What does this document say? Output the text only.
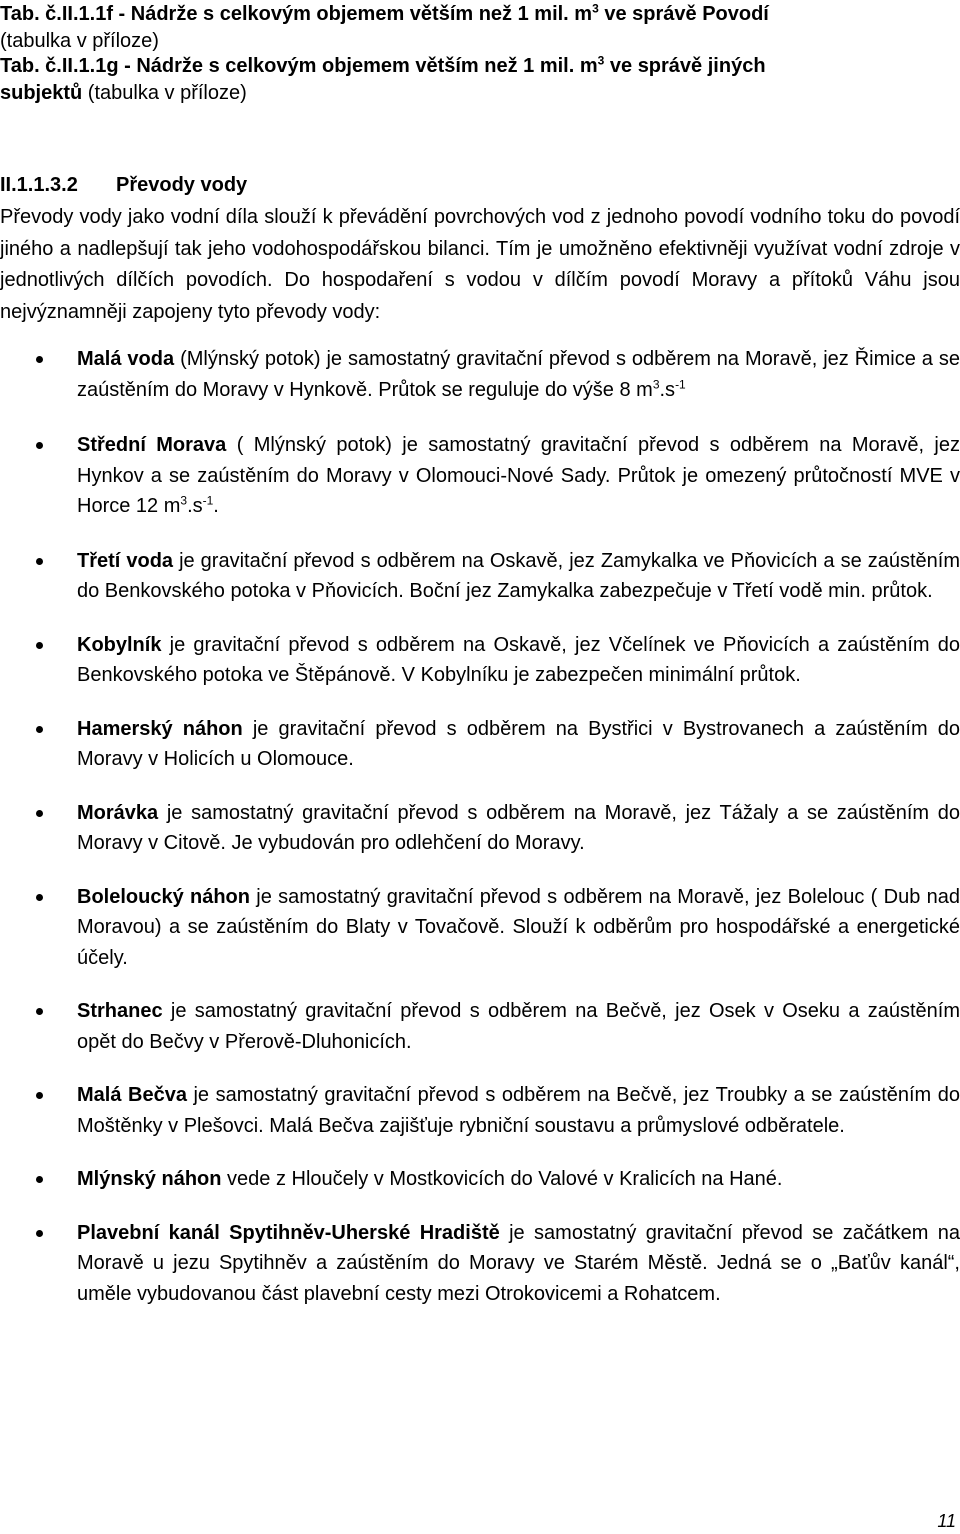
Tab. č.II.1.1f - Nádrže s celkovým objemem větším než 1 mil. $m^3$ ve správě Povodí
(tabulka v příloze)
Tab. č.II.1.1g - Nádrže s celkovým objemem větším než 1 mil. $m^3$ ve správě jiných
subjektů (tabulka v příloze)
II.1.1.3.2 Převody vody
Převody vody jako vodní díla slouží k převádění povrchových vod z jednoho povodí vodního toku do povodí jiného a nadlepšují tak jeho vodohospodářskou bilanci. Tím je umožněno efektivněji využívat vodní zdroje v jednotlivých dílčích povodích. Do hospodaření s vodou v dílčím povodí Moravy a přítoků Váhu jsou nejvýznamněji zapojeny tyto převody vody:
Malá voda (Mlýnský potok) je samostatný gravitační převod s odběrem na Moravě, jez Řimice a se zaústěním do Moravy v Hynkově. Průtok se reguluje do výše 8 $m^3.s^{-1}$
Střední Morava ( Mlýnský potok) je samostatný gravitační převod s odběrem na Moravě, jez Hynkov a se zaústěním do Moravy v Olomouci-Nové Sady. Průtok je omezený průtočností MVE v Horce 12 $m^3.s^{-1}$.
Třetí voda je gravitační převod s odběrem na Oskavě, jez Zamykalka ve Pňovicích a se zaústěním do Benkovského potoka v Pňovicích. Boční jez Zamykalka zabezpečuje v Třetí vodě min. průtok.
Kobylník je gravitační převod s odběrem na Oskavě, jez Včelínek ve Pňovicích a zaústěním do Benkovského potoka ve Štěpánově. V Kobylníku je zabezpečen minimální průtok.
Hamerský náhon je gravitační převod s odběrem na Bystřici v Bystrovanech a zaústěním do Moravy v Holicích u Olomouce.
Morávka je samostatný gravitační převod s odběrem na Moravě, jez Tážaly a se zaústěním do Moravy v Citově. Je vybudován pro odlehčení do Moravy.
Boleloucký náhon je samostatný gravitační převod s odběrem na Moravě, jez Bolelouc ( Dub nad Moravou) a se zaústěním do Blaty v Tovačově. Slouží k odběrům pro hospodářské a energetické účely.
Strhanec je samostatný gravitační převod s odběrem na Bečvě, jez Osek v Oseku a zaústěním opět do Bečvy v Přerově-Dluhonicích.
Malá Bečva je samostatný gravitační převod s odběrem na Bečvě, jez Troubky a se zaústěním do Moštěnky v Plešovci. Malá Bečva zajišťuje rybniční soustavu a průmyslové odběratele.
Mlýnský náhon vede z Hloučely v Mostkovicích do Valové v Kralicích na Hané.
Plavební kanál Spytihněv-Uherské Hradiště je samostatný gravitační převod se začátkem na Moravě u jezu Spytihněv a zaústěním do Moravy ve Starém Městě. Jedná se o „Baťův kanál“, uměle vybudovanou část plavební cesty mezi Otrokovicemi a Rohatcem.
11
